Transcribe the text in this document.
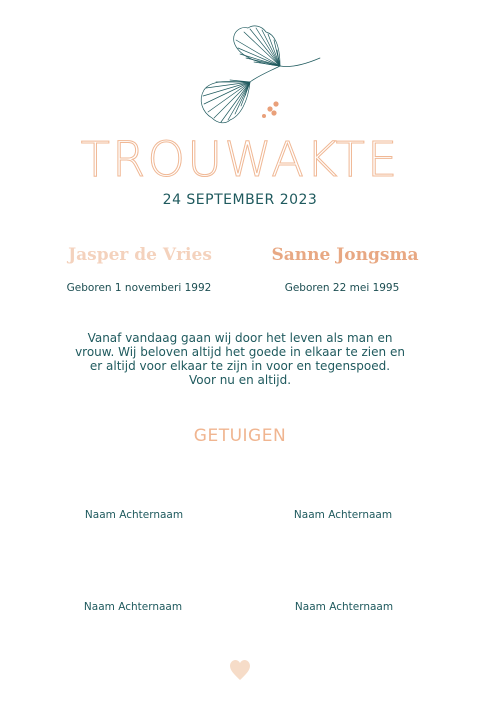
TROUWAKTE
24 SEPTEMBER 2023
Jasper de Vries	Sanne Jongsma
Geboren 1 novemberi 1992	Geboren 22 mei 1995
Vanaf vandaag gaan wij door het leven als man en
vrouw. Wij beloven altijd het goede in elkaar te zien en
er altijd voor elkaar te zijn in voor en tegenspoed.
Voor nu en altijd.
GETUIGEN
Naam Achternaam	Naam Achternaam
Naam Achternaam	Naam Achternaam
